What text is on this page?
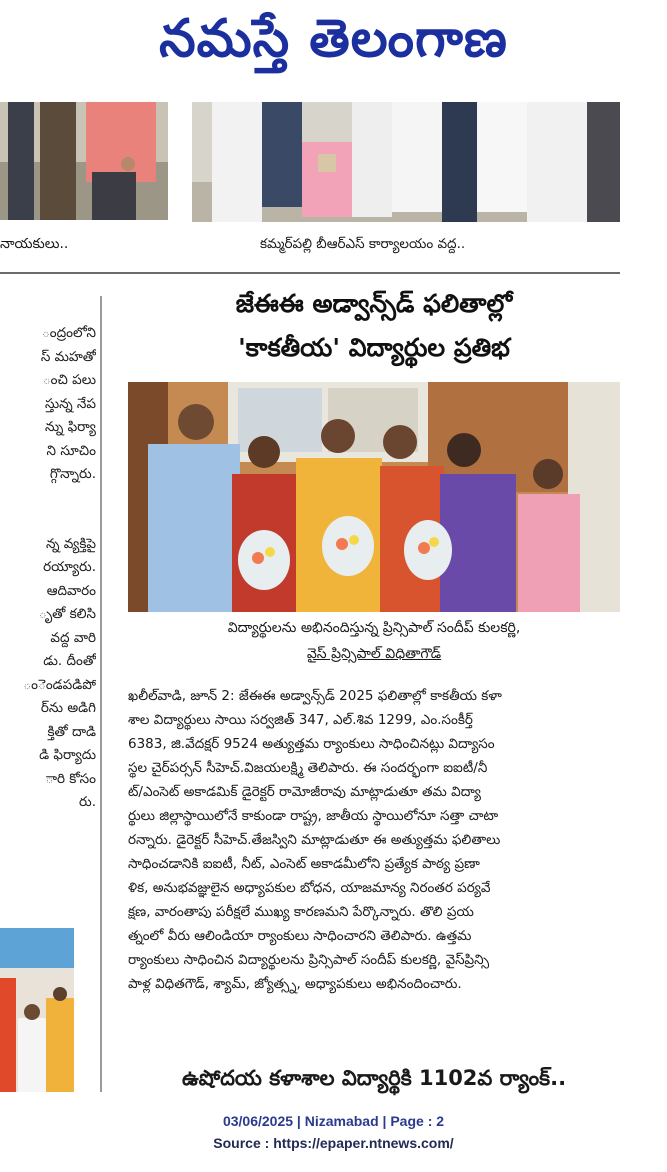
నమస్తే తెలంగాణ
నాయకులు..	కమ్మర్‌పల్లి బీఆర్‌ఎస్ కార్యాలయం వద్ద..
ంద్రంలోని
స్ మహతో
ంచి పలు
స్తున్న నేప
న్ను ఫిర్యా
ని సూచిం
గ్గొన్నారు.
న్న వ్యక్తిపై
రయ్యారు.
ఆదివారం
ృతో కలిసి
వద్ద వారి
డు. దీంతో
ంెండపడిపో
ర్‌ను అడిగి
క్తితో దాడి
డి ఫిర్యాదు
ారి కోసం
రు.
జేఈఈ అడ్వాన్స్‌డ్ ఫలితాల్లో
'కాకతీయ' విద్యార్థుల ప్రతిభ
విద్యార్థులను అభినందిస్తున్న ప్రిన్సిపాల్ సందీప్ కులకర్ణి,
వైస్ ప్రిన్సిపాల్ విధితాగౌడ్
ఖలీల్‌వాడి, జూన్ 2: జేఈఈ అడ్వాన్స్‌డ్ 2025 ఫలితాల్లో కాకతీయ కళా
శాల విద్యార్థులు సాయి సర్వజిత్ 347, ఎల్.శివ 1299, ఎం.సంకీర్త్
6383, జి.వేదక్షర్ 9524 అత్యుత్తమ ర్యాంకులు సాధించినట్లు విద్యాసం
స్థల చైర్‌పర్సన్ సీహెచ్.విజయలక్ష్మి తెలిపారు. ఈ సందర్భంగా ఐఐటీ/నీ
ట్/ఎంసెట్ అకాడమిక్ డైరెక్టర్ రామోజీరావు మాట్లాడుతూ తమ విద్యా
ర్థులు జిల్లాస్థాయిలోనే కాకుండా రాష్ట్ర, జాతీయ స్థాయిలోనూ సత్తా చాటా
రన్నారు. డైరెక్టర్ సీహెచ్.తేజస్విని మాట్లాడుతూ ఈ అత్యుత్తమ ఫలితాలు
సాధించడానికి ఐఐటీ, నీట్, ఎంసెట్ అకాడమీలోని ప్రత్యేక పాఠ్య ప్రణా
ళిక, అనుభవజ్ఞులైన అధ్యాపకుల బోధన, యాజమాన్య నిరంతర పర్యవే
క్షణ, వారంతాపు పరీక్షలే ముఖ్య కారణమని పేర్కొన్నారు. తొలి ప్రయ
త్నంలో వీరు ఆలిండియా ర్యాంకులు సాధించారని తెలిపారు. ఉత్తమ
ర్యాంకులు సాధించిన విద్యార్థులను ప్రిన్సిపాల్ సందీప్ కులకర్ణి, వైస్‌ప్రిన్సి
పాళ్ల విధితగౌడ్, శ్యామ్, జ్యోత్స్న, అధ్యాపకులు అభినందించారు.
ఉషోదయ కళాశాల విద్యార్థికి 1102వ ర్యాంక్..
03/06/2025 | Nizamabad | Page : 2
Source : https://epaper.ntnews.com/
